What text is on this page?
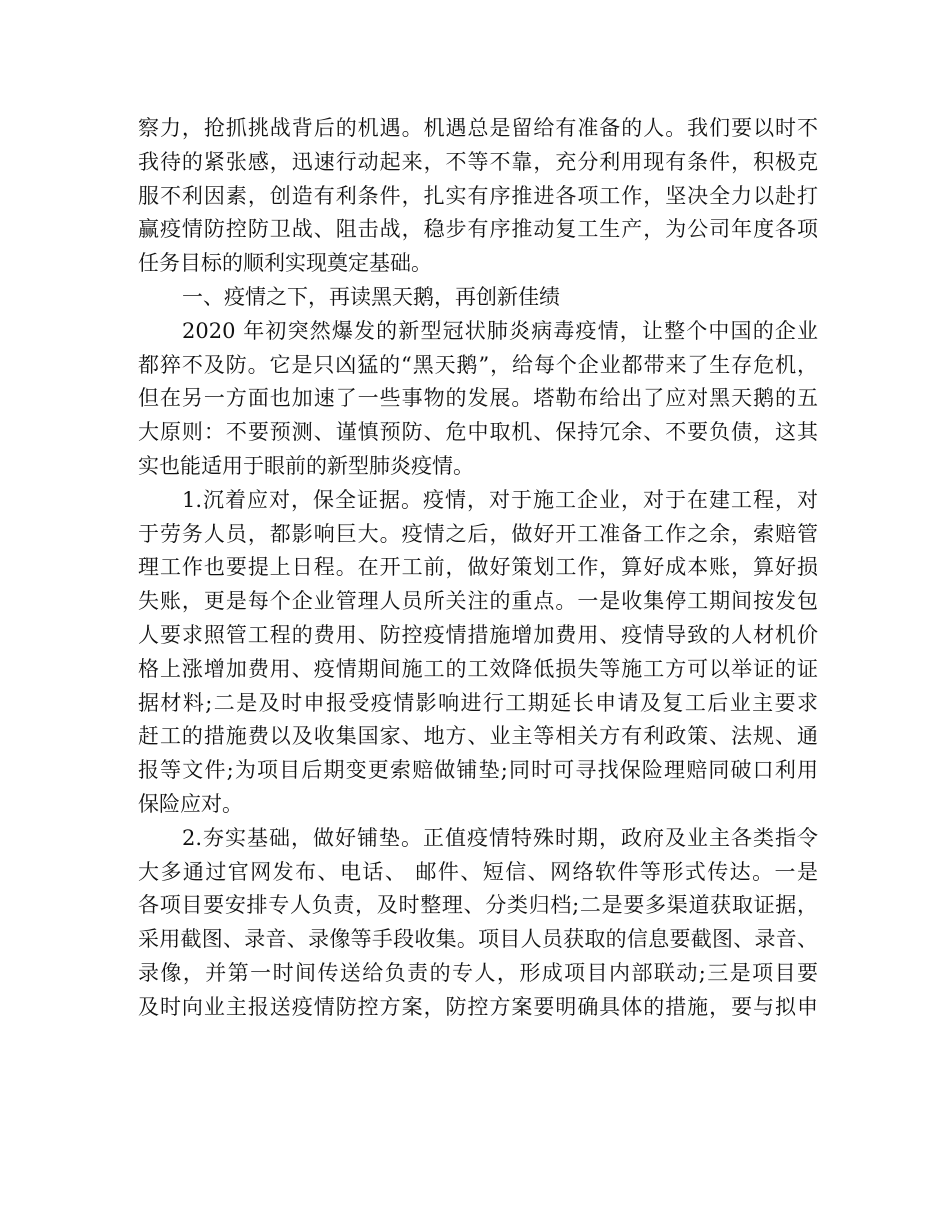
察力，抢抓挑战背后的机遇。机遇总是留给有准备的人。我们要以时不
我待的紧张感，迅速行动起来，不等不靠，充分利用现有条件，积极克
服不利因素，创造有利条件，扎实有序推进各项工作，坚决全力以赴打
赢疫情防控防卫战、阻击战，稳步有序推动复工生产，为公司年度各项
任务目标的顺利实现奠定基础。
一、疫情之下，再读黑天鹅，再创新佳绩
2020 年初突然爆发的新型冠状肺炎病毒疫情，让整个中国的企业
都猝不及防。它是只凶猛的“黑天鹅”，给每个企业都带来了生存危机，
但在另一方面也加速了一些事物的发展。塔勒布给出了应对黑天鹅的五
大原则：不要预测、谨慎预防、危中取机、保持冗余、不要负债，这其
实也能适用于眼前的新型肺炎疫情。
1.沉着应对，保全证据。疫情，对于施工企业，对于在建工程，对
于劳务人员，都影响巨大。疫情之后，做好开工准备工作之余，索赔管
理工作也要提上日程。在开工前，做好策划工作，算好成本账，算好损
失账，更是每个企业管理人员所关注的重点。一是收集停工期间按发包
人要求照管工程的费用、防控疫情措施增加费用、疫情导致的人材机价
格上涨增加费用、疫情期间施工的工效降低损失等施工方可以举证的证
据材料;二是及时申报受疫情影响进行工期延长申请及复工后业主要求
赶工的措施费以及收集国家、地方、业主等相关方有利政策、法规、通
报等文件;为项目后期变更索赔做铺垫;同时可寻找保险理赔同破口利用
保险应对。
2.夯实基础，做好铺垫。正值疫情特殊时期，政府及业主各类指令
大多通过官网发布、电话、 邮件、短信、网络软件等形式传达。一是
各项目要安排专人负责，及时整理、分类归档;二是要多渠道获取证据，
采用截图、录音、录像等手段收集。项目人员获取的信息要截图、录音、
录像，并第一时间传送给负责的专人，形成项目内部联动;三是项目要
及时向业主报送疫情防控方案，防控方案要明确具体的措施，要与拟申
